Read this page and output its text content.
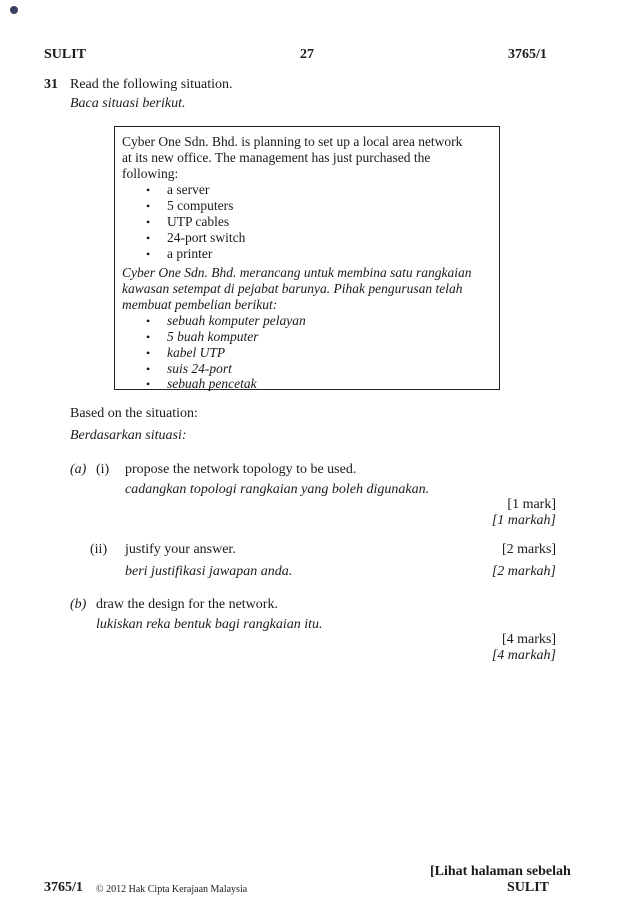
SULIT	27	3765/1
31 Read the following situation.
Baca situasi berikut.
Cyber One Sdn. Bhd. is planning to set up a local area network
at its new office. The management has just purchased the
following:
• a server
• 5 computers
• UTP cables
• 24-port switch
• a printer
Cyber One Sdn. Bhd. merancang untuk membina satu rangkaian
kawasan setempat di pejabat barunya. Pihak pengurusan telah
membuat pembelian berikut:
• sebuah komputer pelayan
• 5 buah komputer
• kabel UTP
• suis 24-port
• sebuah pencetak
Based on the situation:
Berdasarkan situasi:
(a) (i) propose the network topology to be used.
cadangkan topologi rangkaian yang boleh digunakan.
[1 mark]
[1 markah]
(ii) justify your answer.	[2 marks]
beri justifikasi jawapan anda.	[2 markah]
(b) draw the design for the network.
lukiskan reka bentuk bagi rangkaian itu.
[4 marks]
[4 markah]
[Lihat halaman sebelah
3765/1 © 2012 Hak Cipta Kerajaan Malaysia	SULIT
